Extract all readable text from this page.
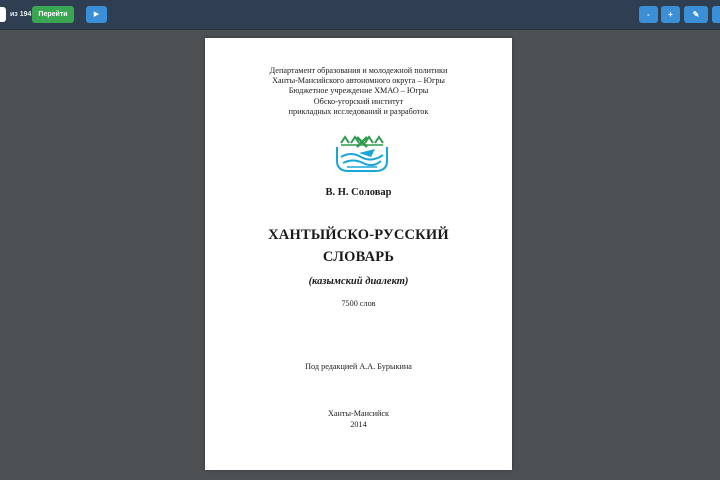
из 194	Перейти	▶	-	+	✎
Департамент образования и молодежной политики
Ханты-Мансийского автономного округа – Югры
Бюджетное учреждение ХМАО – Югры
Обско-угорский институт
прикладных исследований и разработок
В. Н. Соловар
ХАНТЫЙСКО-РУССКИЙ
СЛОВАРЬ
(казымский диалект)
7500 слов
Под редакцией А.А. Бурыкина
Ханты-Мансийск
2014
